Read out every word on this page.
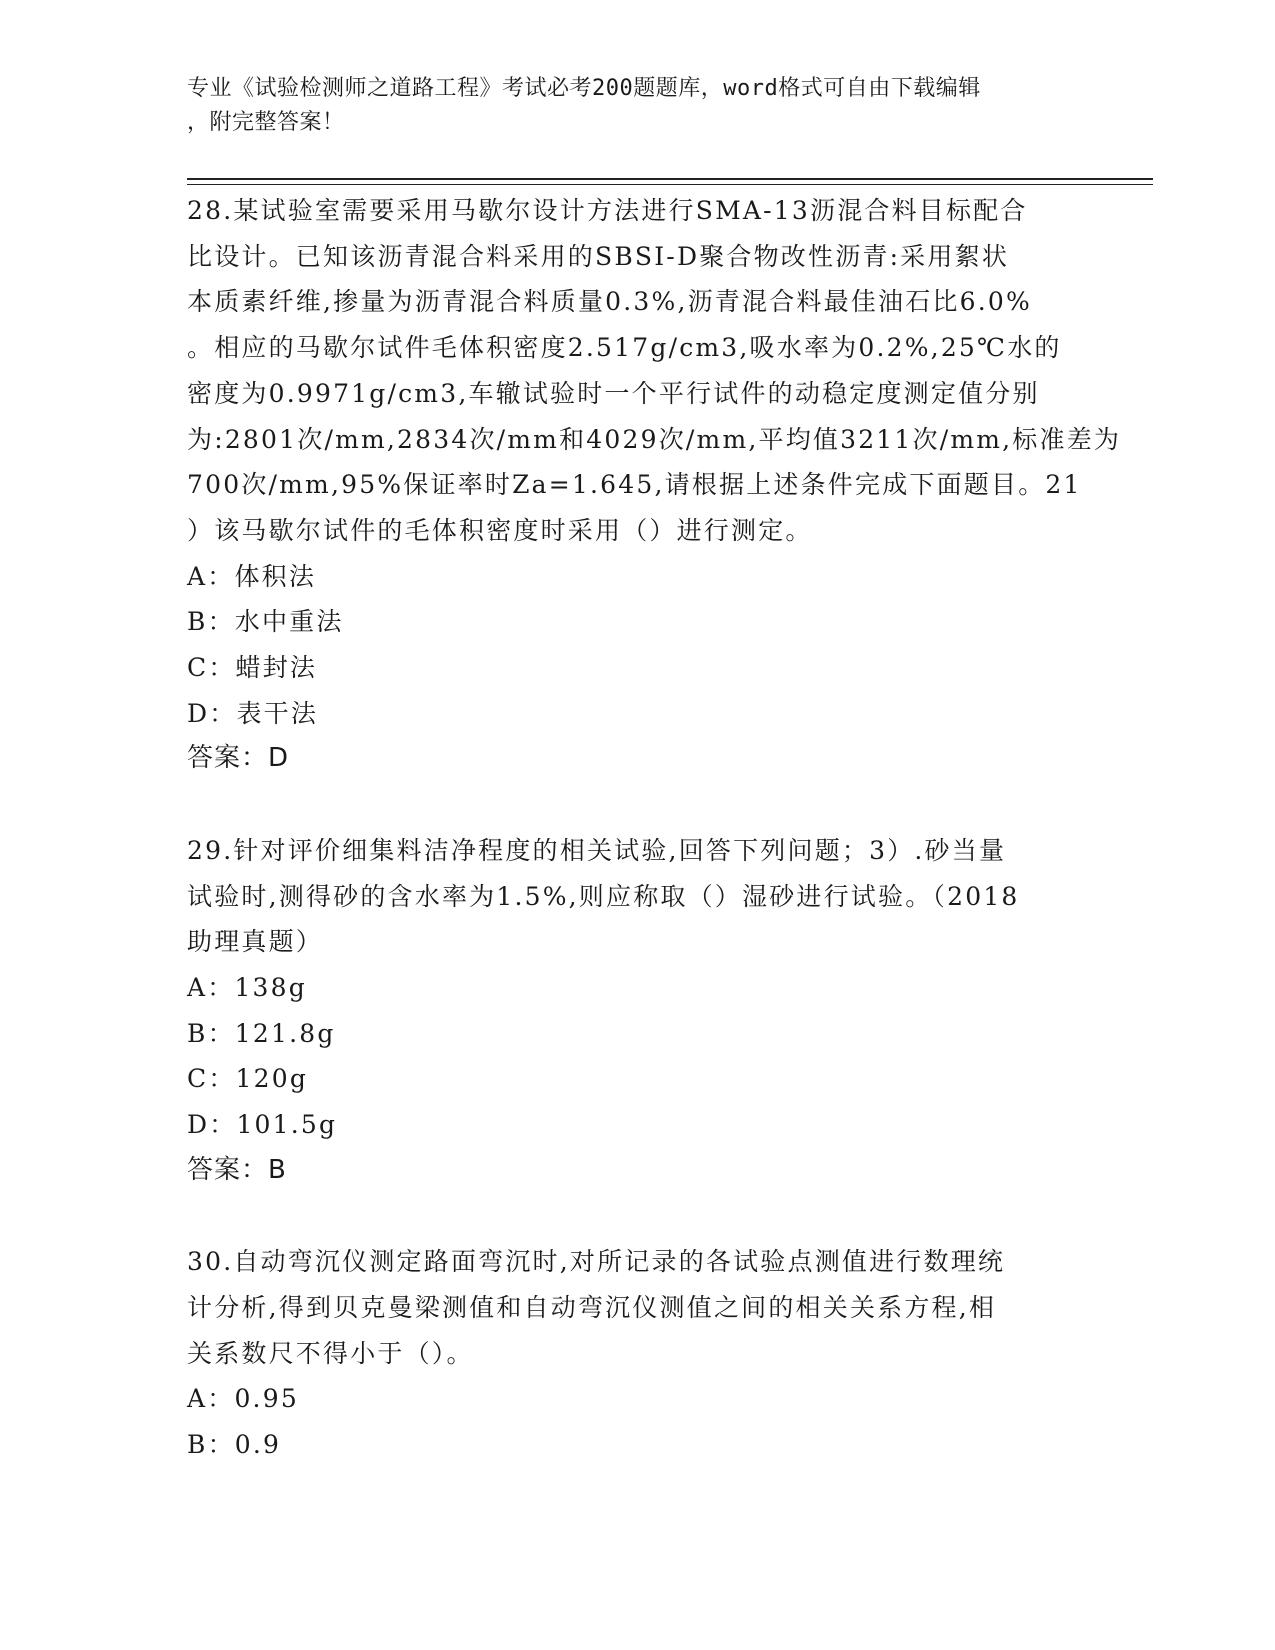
专业《试验检测师之道路工程》考试必考200题题库，word格式可自由下载编辑
，附完整答案！
28.某试验室需要采用马歇尔设计方法进行SMA-13沥混合料目标配合
比设计。已知该沥青混合料采用的SBSI-D聚合物改性沥青:采用絮状
本质素纤维,掺量为沥青混合料质量0.3%,沥青混合料最佳油石比6.0%
。相应的马歇尔试件毛体积密度2.517g/cm3,吸水率为0.2%,25℃水的
密度为0.9971g/cm3,车辙试验时一个平行试件的动稳定度测定值分别
为:2801次/mm,2834次/mm和4029次/mm,平均值3211次/mm,标准差为
700次/mm,95%保证率时Za=1.645,请根据上述条件完成下面题目。21
）该马歇尔试件的毛体积密度时采用（）进行测定。
A：体积法
B：水中重法
C：蜡封法
D：表干法
答案：D
29.针对评价细集料洁净程度的相关试验,回答下列问题；3）.砂当量
试验时,测得砂的含水率为1.5%,则应称取（）湿砂进行试验。（2018
助理真题）
A：138g
B：121.8g
C：120g
D：101.5g
答案：B
30.自动弯沉仪测定路面弯沉时,对所记录的各试验点测值进行数理统
计分析,得到贝克曼梁测值和自动弯沉仪测值之间的相关关系方程,相
关系数尺不得小于（）。
A：0.95
B：0.9
